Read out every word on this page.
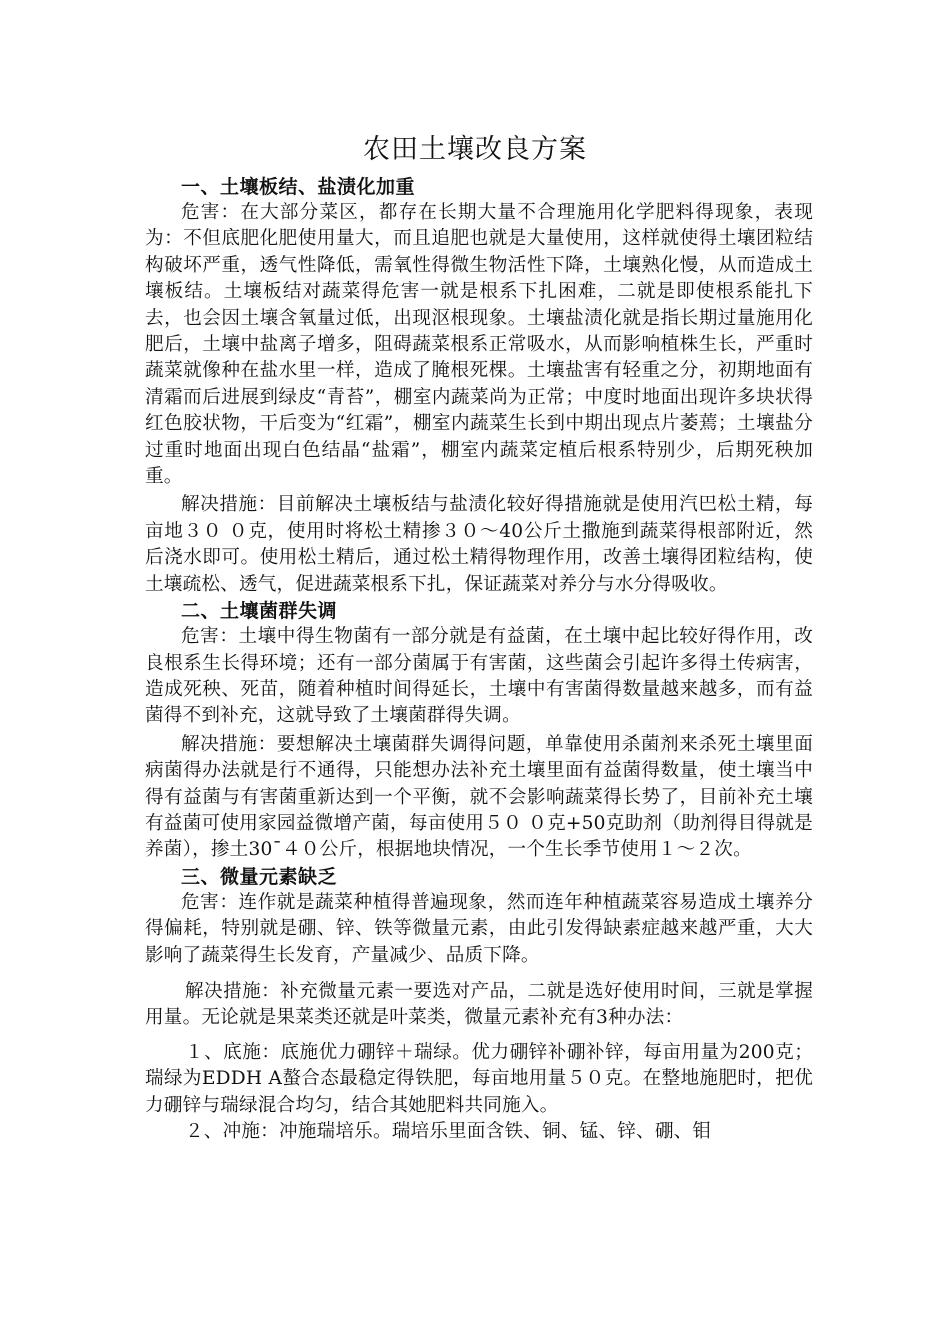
农田土壤改良方案

一、土壤板结、盐渍化加重

危害：在大部分菜区，都存在长期大量不合理施用化学肥料得现象，表现为：不但底肥化肥使用量大，而且追肥也就是大量使用，这样就使得土壤团粒结构破坏严重，透气性降低，需氧性得微生物活性下降，土壤熟化慢，从而造成土壤板结。土壤板结对蔬菜得危害一就是根系下扎困难，二就是即使根系能扎下去，也会因土壤含氧量过低，出现沤根现象。土壤盐渍化就是指长期过量施用化肥后，土壤中盐离子增多，阻碍蔬菜根系正常吸水，从而影响植株生长，严重时蔬菜就像种在盐水里一样，造成了腌根死棵。土壤盐害有轻重之分，初期地面有清霜而后进展到绿皮“青苔”，棚室内蔬菜尚为正常；中度时地面出现许多块状得红色胶状物，干后变为“红霜”，棚室内蔬菜生长到中期出现点片萎蔫；土壤盐分过重时地面出现白色结晶“盐霜”，棚室内蔬菜定植后根系特别少，后期死秧加重。

解决措施：目前解决土壤板结与盐渍化较好得措施就是使用汽巴松土精，每亩地３０ ０克，使用时将松土精掺３０～40公斤土撒施到蔬菜得根部附近，然后浇水即可。使用松土精后，通过松土精得物理作用，改善土壤得团粒结构，使土壤疏松、透气，促进蔬菜根系下扎，保证蔬菜对养分与水分得吸收。

二、土壤菌群失调

危害：土壤中得生物菌有一部分就是有益菌，在土壤中起比较好得作用，改良根系生长得环境；还有一部分菌属于有害菌，这些菌会引起许多得土传病害，造成死秧、死苗，随着种植时间得延长，土壤中有害菌得数量越来越多，而有益菌得不到补充，这就导致了土壤菌群得失调。

解决措施：要想解决土壤菌群失调得问题，单靠使用杀菌剂来杀死土壤里面病菌得办法就是行不通得，只能想办法补充土壤里面有益菌得数量，使土壤当中得有益菌与有害菌重新达到一个平衡，就不会影响蔬菜得长势了，目前补充土壤有益菌可使用家园益微增产菌，每亩使用５０ ０克+50克助剂（助剂得目得就是养菌），掺土30¯４０公斤，根据地块情况，一个生长季节使用１～２次。

三、微量元素缺乏

危害：连作就是蔬菜种植得普遍现象，然而连年种植蔬菜容易造成土壤养分得偏耗，特别就是硼、锌、铁等微量元素，由此引发得缺素症越来越严重，大大影响了蔬菜得生长发育，产量减少、品质下降。

解决措施：补充微量元素一要选对产品，二就是选好使用时间，三就是掌握用量。无论就是果菜类还就是叶菜类，微量元素补充有3种办法：

１、底施：底施优力硼锌＋瑞绿。优力硼锌补硼补锌，每亩用量为200克；瑞绿为EDDH A螯合态最稳定得铁肥，每亩地用量５０克。在整地施肥时，把优力硼锌与瑞绿混合均匀，结合其她肥料共同施入。

２、冲施：冲施瑞培乐。瑞培乐里面含铁、铜、锰、锌、硼、钼
